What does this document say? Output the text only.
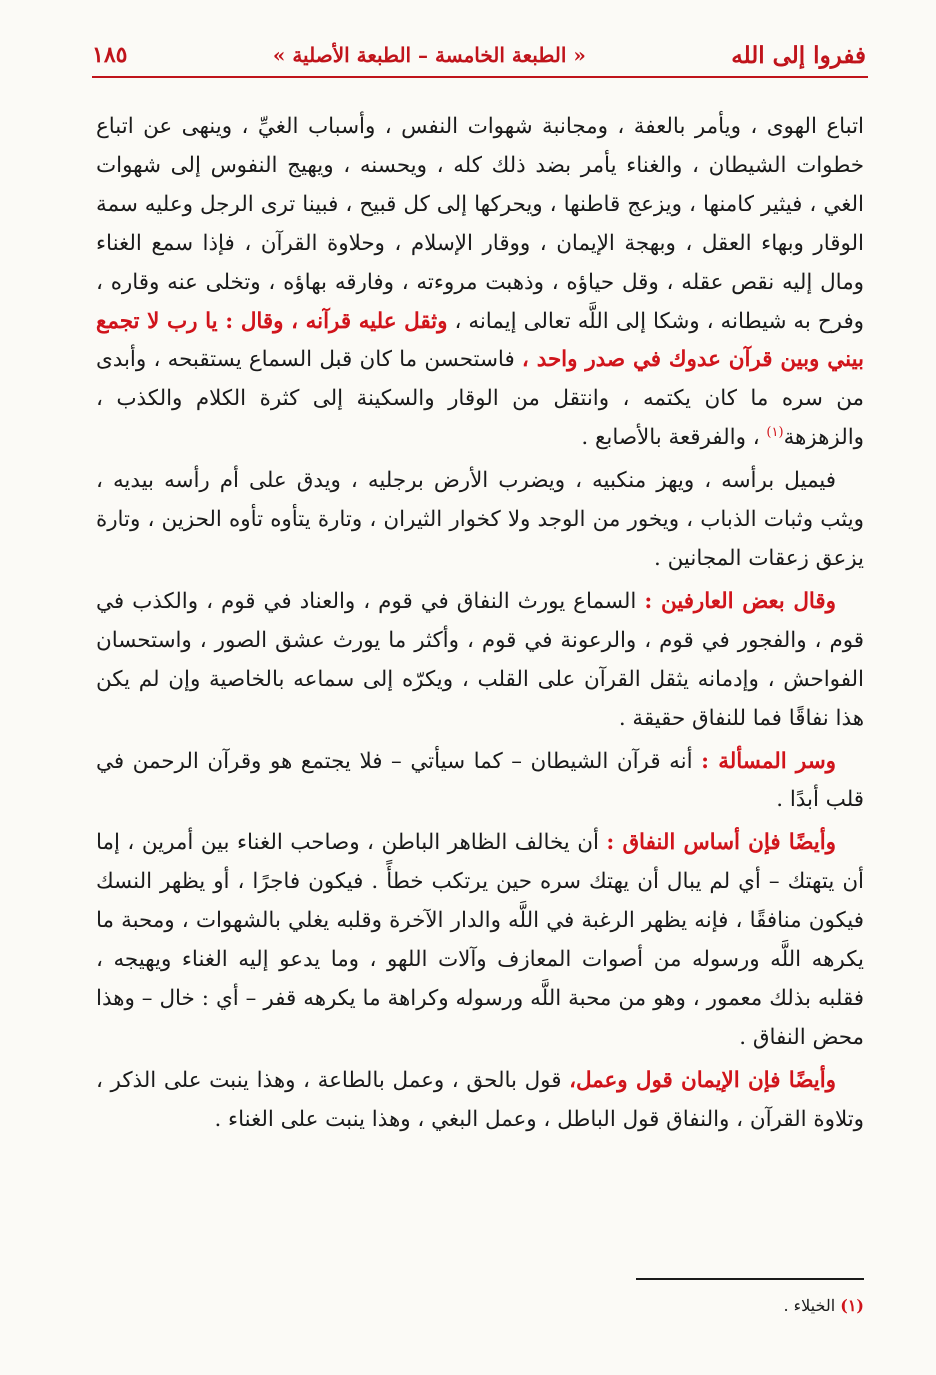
ففروا إلى الله
« الطبعة الخامسة – الطبعة الأصلية »
١٨٥

اتباع الهوى ، ويأمر بالعفة ، ومجانبة شهوات النفس ، وأسباب الغيِّ ، وينهى عن اتباع خطوات الشيطان ، والغناء يأمر بضد ذلك كله ، ويحسنه ، ويهيج النفوس إلى شهوات الغي ، فيثير كامنها ، ويزعج قاطنها ، ويحركها إلى كل قبيح ، فبينا ترى الرجل وعليه سمة الوقار وبهاء العقل ، وبهجة الإيمان ، ووقار الإسلام ، وحلاوة القرآن ، فإذا سمع الغناء ومال إليه نقص عقله ، وقل حياؤه ، وذهبت مروءته ، وفارقه بهاؤه ، وتخلى عنه وقاره ، وفرح به شيطانه ، وشكا إلى اللَّه تعالى إيمانه ، وثقل عليه قرآنه ، وقال : يا رب لا تجمع بيني وبين قرآن عدوك في صدر واحد ، فاستحسن ما كان قبل السماع يستقبحه ، وأبدى من سره ما كان يكتمه ، وانتقل من الوقار والسكينة إلى كثرة الكلام والكذب ، والزهزهة$^{(١)}$ ، والفرقعة بالأصابع .

فيميل برأسه ، ويهز منكبيه ، ويضرب الأرض برجليه ، ويدق على أم رأسه بيديه ، ويثب وثبات الذباب ، ويخور من الوجد ولا كخوار الثيران ، وتارة يتأوه تأوه الحزين ، وتارة يزعق زعقات المجانين .

وقال بعض العارفين : السماع يورث النفاق في قوم ، والعناد في قوم ، والكذب في قوم ، والفجور في قوم ، والرعونة في قوم ، وأكثر ما يورث عشق الصور ، واستحسان الفواحش ، وإدمانه يثقل القرآن على القلب ، ويكرّه إلى سماعه بالخاصية وإن لم يكن هذا نفاقًا فما للنفاق حقيقة .

وسر المسألة : أنه قرآن الشيطان – كما سيأتي – فلا يجتمع هو وقرآن الرحمن في قلب أبدًا .

وأيضًا فإن أساس النفاق : أن يخالف الظاهر الباطن ، وصاحب الغناء بين أمرين ، إما أن يتهتك – أي لم يبال أن يهتك سره حين يرتكب خطأً . فيكون فاجرًا ، أو يظهر النسك فيكون منافقًا ، فإنه يظهر الرغبة في اللَّه والدار الآخرة وقلبه يغلي بالشهوات ، ومحبة ما يكرهه اللَّه ورسوله من أصوات المعازف وآلات اللهو ، وما يدعو إليه الغناء ويهيجه ، فقلبه بذلك معمور ، وهو من محبة اللَّه ورسوله وكراهة ما يكرهه قفر – أي : خال – وهذا محض النفاق .

وأيضًا فإن الإيمان قول وعمل، قول بالحق ، وعمل بالطاعة ، وهذا ينبت على الذكر ، وتلاوة القرآن ، والنفاق قول الباطل ، وعمل البغي ، وهذا ينبت على الغناء .

(١) الخيلاء .
